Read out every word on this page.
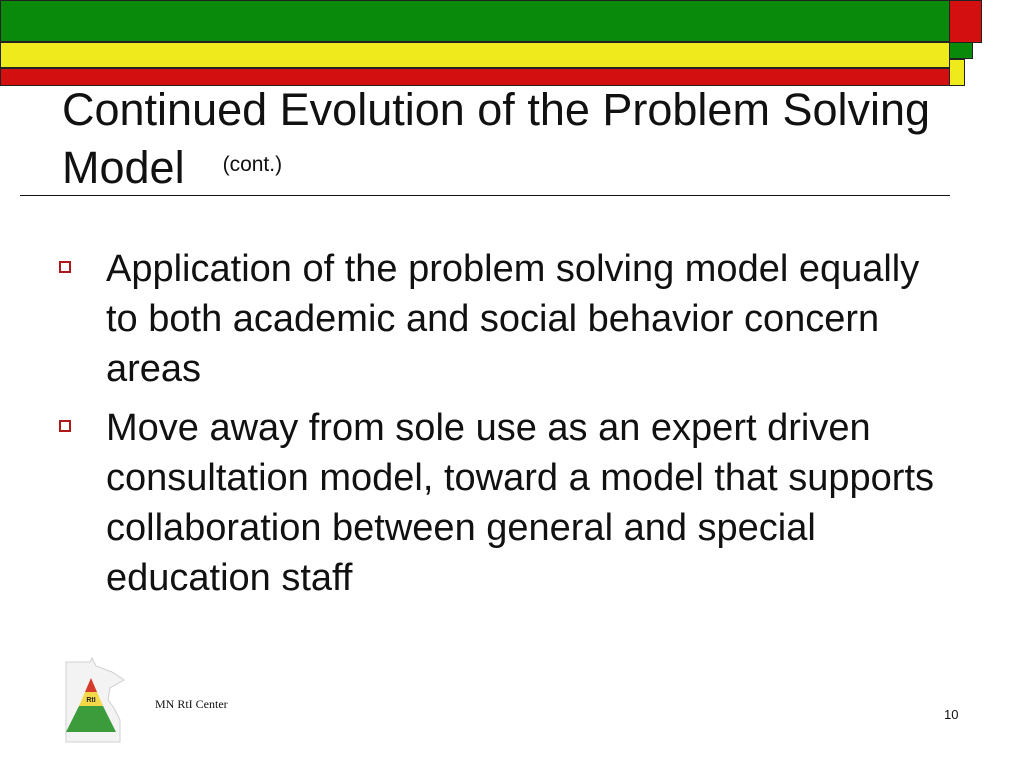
Continued Evolution of the Problem Solving Model $^{(cont.)}$
Application of the problem solving model equally to both academic and social behavior concern areas
Move away from sole use as an expert driven consultation model, toward a model that supports collaboration between general and special education staff
RtI	MN RtI Center
10
